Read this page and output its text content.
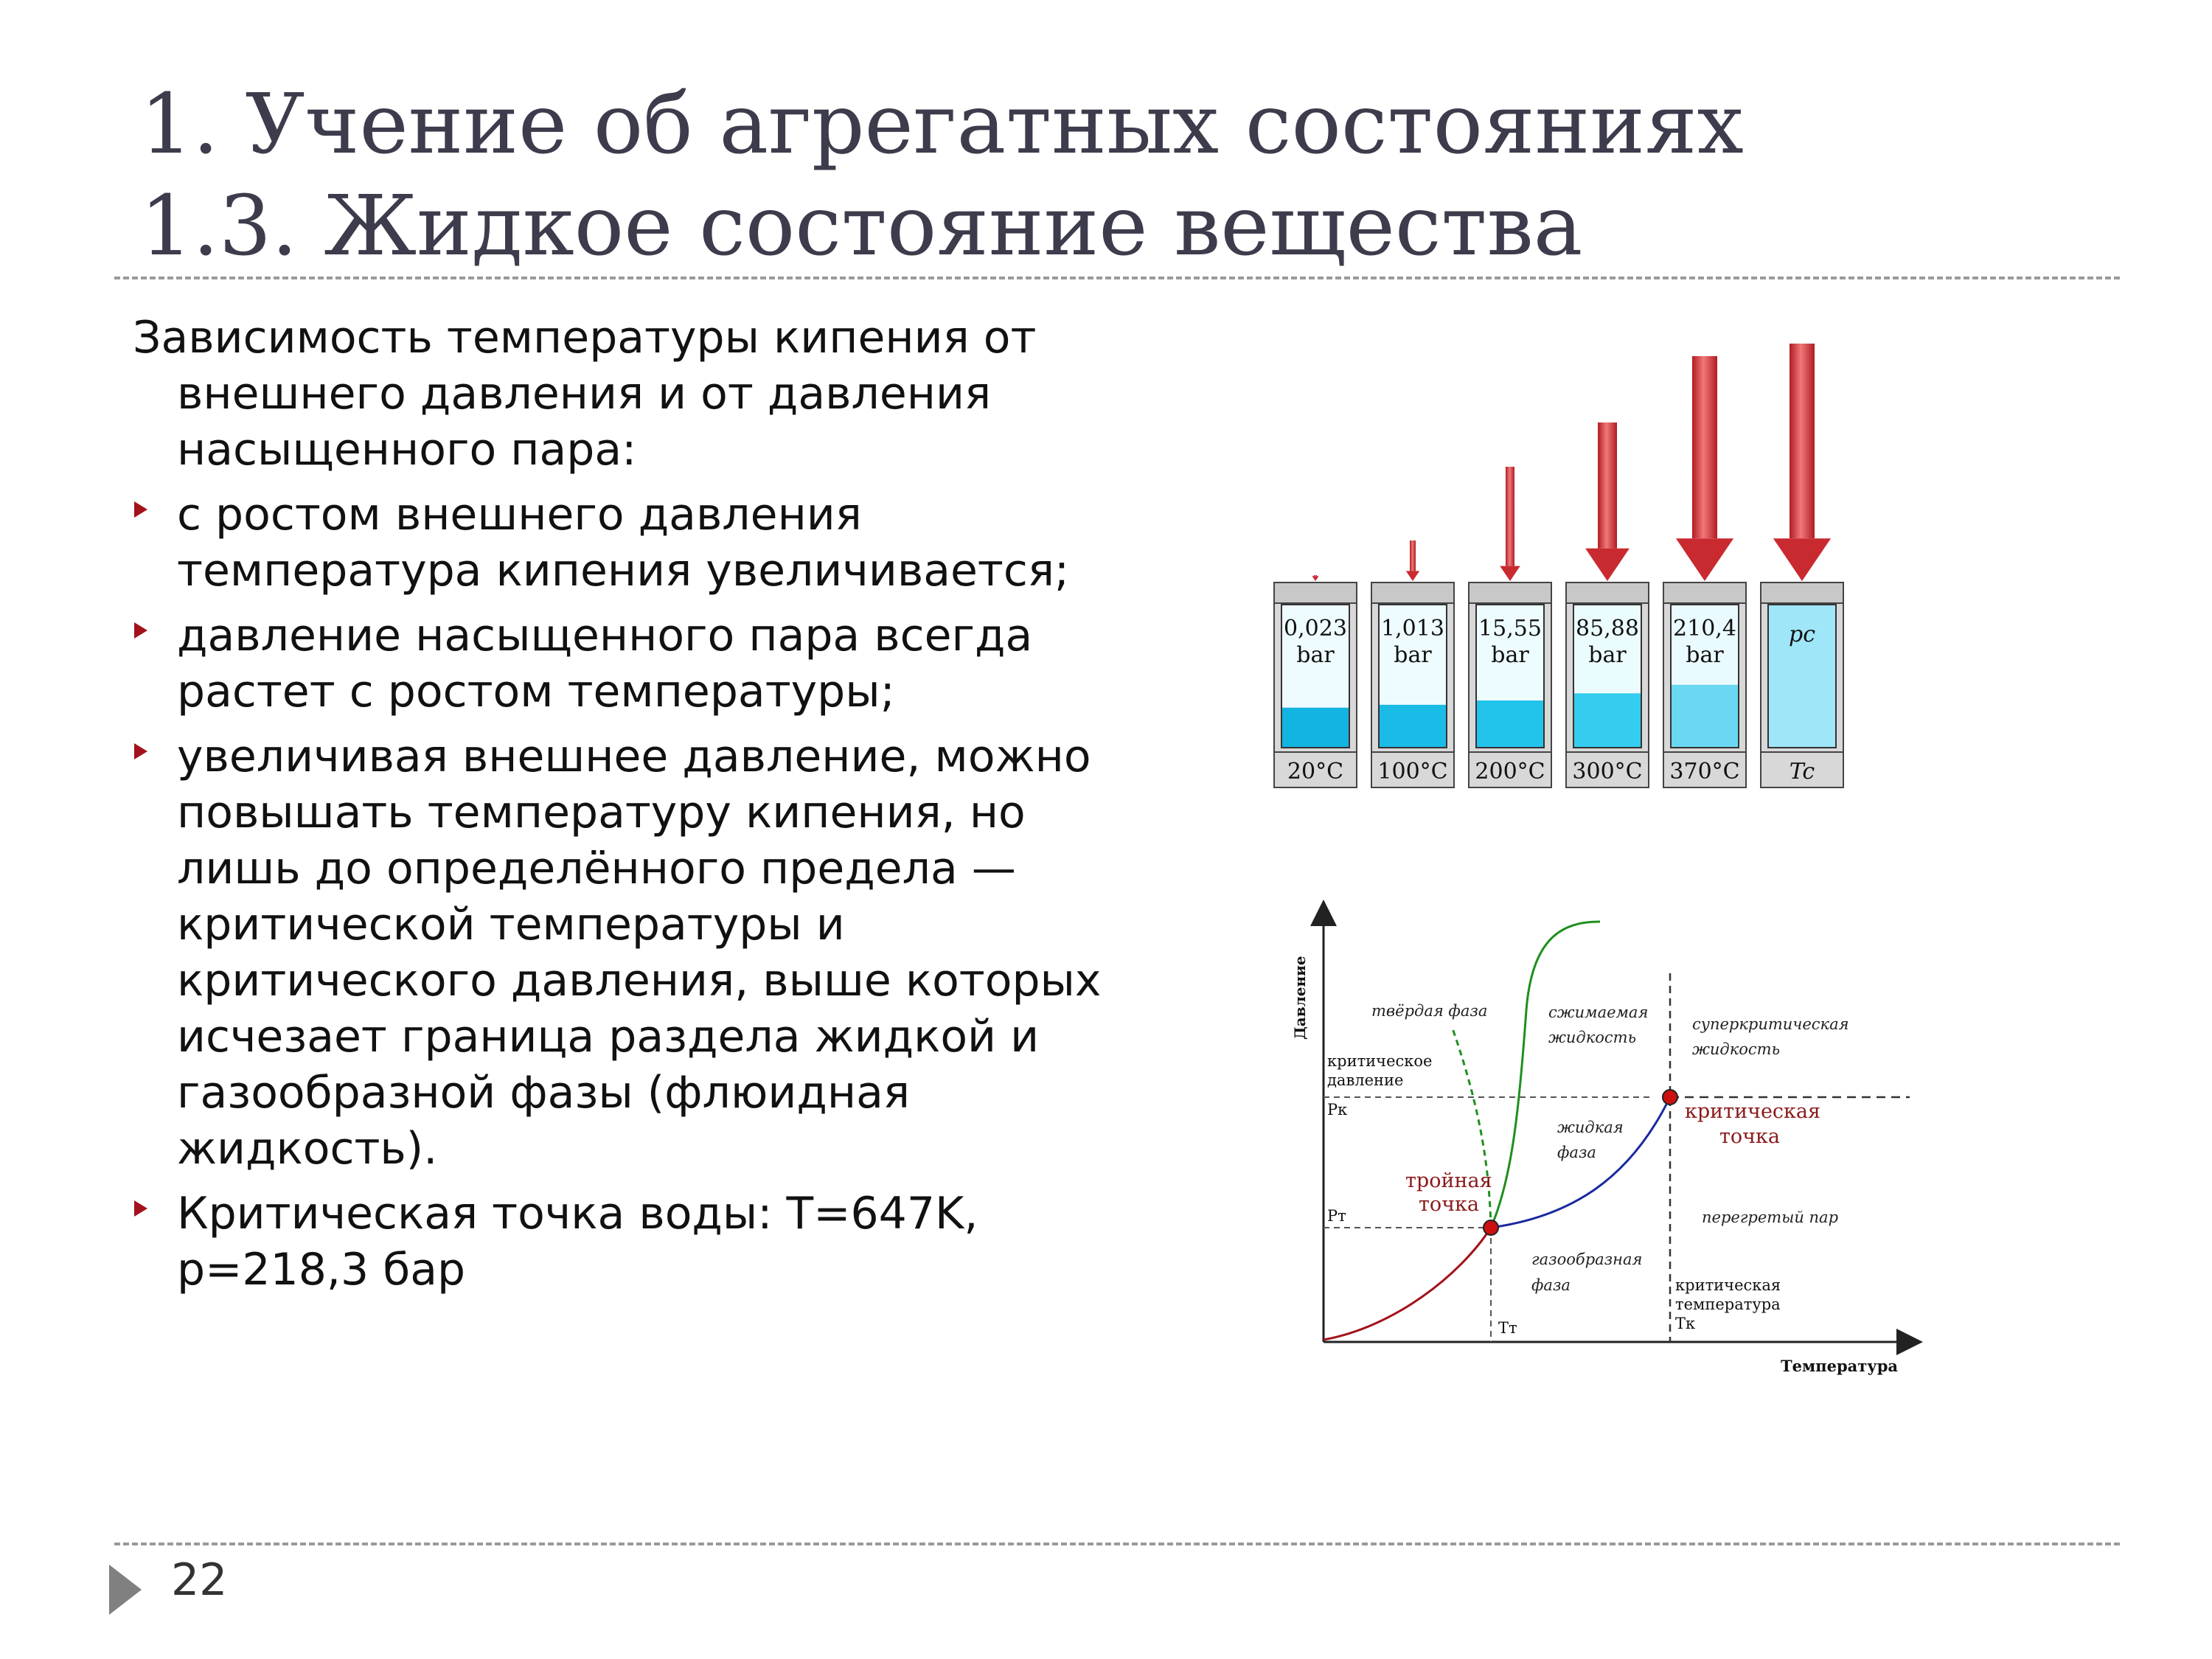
1. Учение об агрегатных состояниях
1.3. Жидкое состояние вещества

Зависимость температуры кипения от внешнего давления и от давления насыщенного пара:

с ростом внешнего давления температура кипения увеличивается;
давление насыщенного пара всегда растет с ростом температуры;
увеличивая внешнее давление, можно повышать температуру кипения, но лишь до определённого предела — критической температуры и критического давления, выше которых исчезает граница раздела жидкой и газообразной фазы (флюидная жидкость).
Критическая точка воды: T=647K, p=218,3 бар
0,023
bar
20°C
1,013
bar
100°C
15,55
bar
200°C
85,88
bar
300°C
210,4
bar
370°C
pc
Tc
Давление
Температура
твёрдая фаза	сжимаемая
жидкость
суперкритическая
жидкость
критическое
давление
Pк
Pт
критическая
точка
жидкая
фаза
тройная
точка
перегретый пар
газообразная
фаза	критическая
температура
Tк
Tт
22
